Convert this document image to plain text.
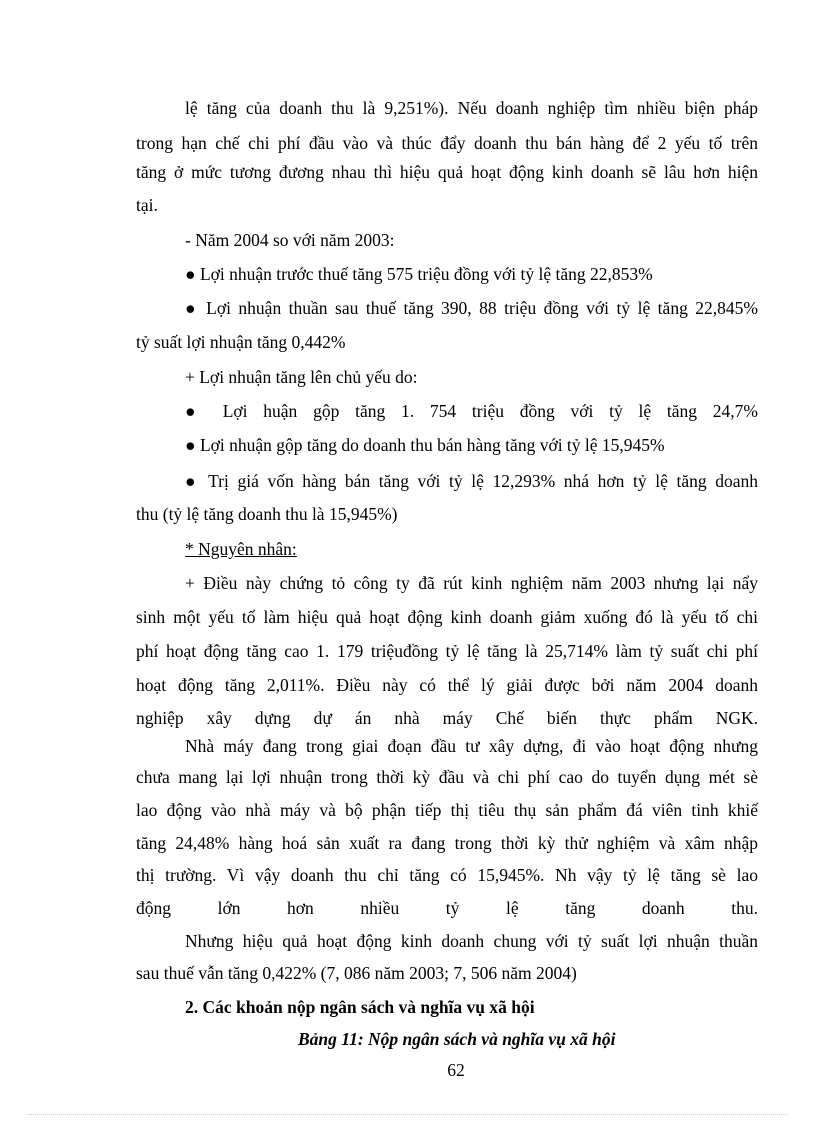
lệ tăng của doanh thu là 9,251%). Nếu doanh nghiệp tìm nhiều biện pháp
trong hạn chế chi phí đầu vào và thúc đẩy doanh thu bán hàng để 2 yếu tố trên
tăng ở mức tương đương nhau thì hiệu quả hoạt động kinh doanh sẽ lâu hơn hiện
tại.
- Năm 2004 so với năm 2003:
● Lợi nhuận trước thuế tăng 575 triệu đồng với tỷ lệ tăng 22,853%
● Lợi nhuận thuần sau thuế tăng 390, 88 triệu đồng với tỷ lệ tăng 22,845%
tỷ suất lợi nhuận tăng 0,442%
+ Lợi nhuận tăng lên chủ yếu do:
● Lợi huận gộp tăng 1. 754 triệu đồng với tỷ lệ tăng 24,7%
● Lợi nhuận gộp tăng do doanh thu bán hàng tăng với tỷ lệ 15,945%
● Trị giá vốn hàng bán tăng với tỷ lệ 12,293% nhá hơn tỷ lệ tăng doanh
thu (tỷ lệ tăng doanh thu là 15,945%)
* Nguyên nhân:
+ Điều này chứng tỏ công ty đã rút kinh nghiệm năm 2003 nhưng lại nẩy
sinh một yếu tố làm hiệu quả hoạt động kinh doanh giảm xuống đó là yếu tố chi
phí hoạt động tăng cao 1. 179 triệuđồng tỷ lệ tăng là 25,714% làm tỷ suất chi phí
hoạt động tăng 2,011%. Điều này có thể lý giải được bởi năm 2004 doanh
nghiệp xây dựng dự án nhà máy Chế biến thực phẩm NGK.
Nhà máy đang trong giai đoạn đầu tư xây dựng, đi vào hoạt động nhưng
chưa mang lại lợi nhuận trong thời kỳ đầu và chi phí cao do tuyển dụng mét sè
lao động vào nhà máy và bộ phận tiếp thị tiêu thụ sản phẩm đá viên tinh khiế
tăng 24,48% hàng hoá sản xuất ra đang trong thời kỳ thử nghiệm và xâm nhập
thị trường. Vì vậy doanh thu chỉ tăng có 15,945%. Nh vậy tỷ lệ tăng sè lao
động lớn hơn nhiều tỷ lệ tăng doanh thu.
Nhưng hiệu quả hoạt động kinh doanh chung với tỷ suất lợi nhuận thuần
sau thuế vẫn tăng 0,422% (7, 086 năm 2003; 7, 506 năm 2004)
2. Các khoản nộp ngân sách và nghĩa vụ xã hội
Bảng 11: Nộp ngân sách và nghĩa vụ xã hội
62
